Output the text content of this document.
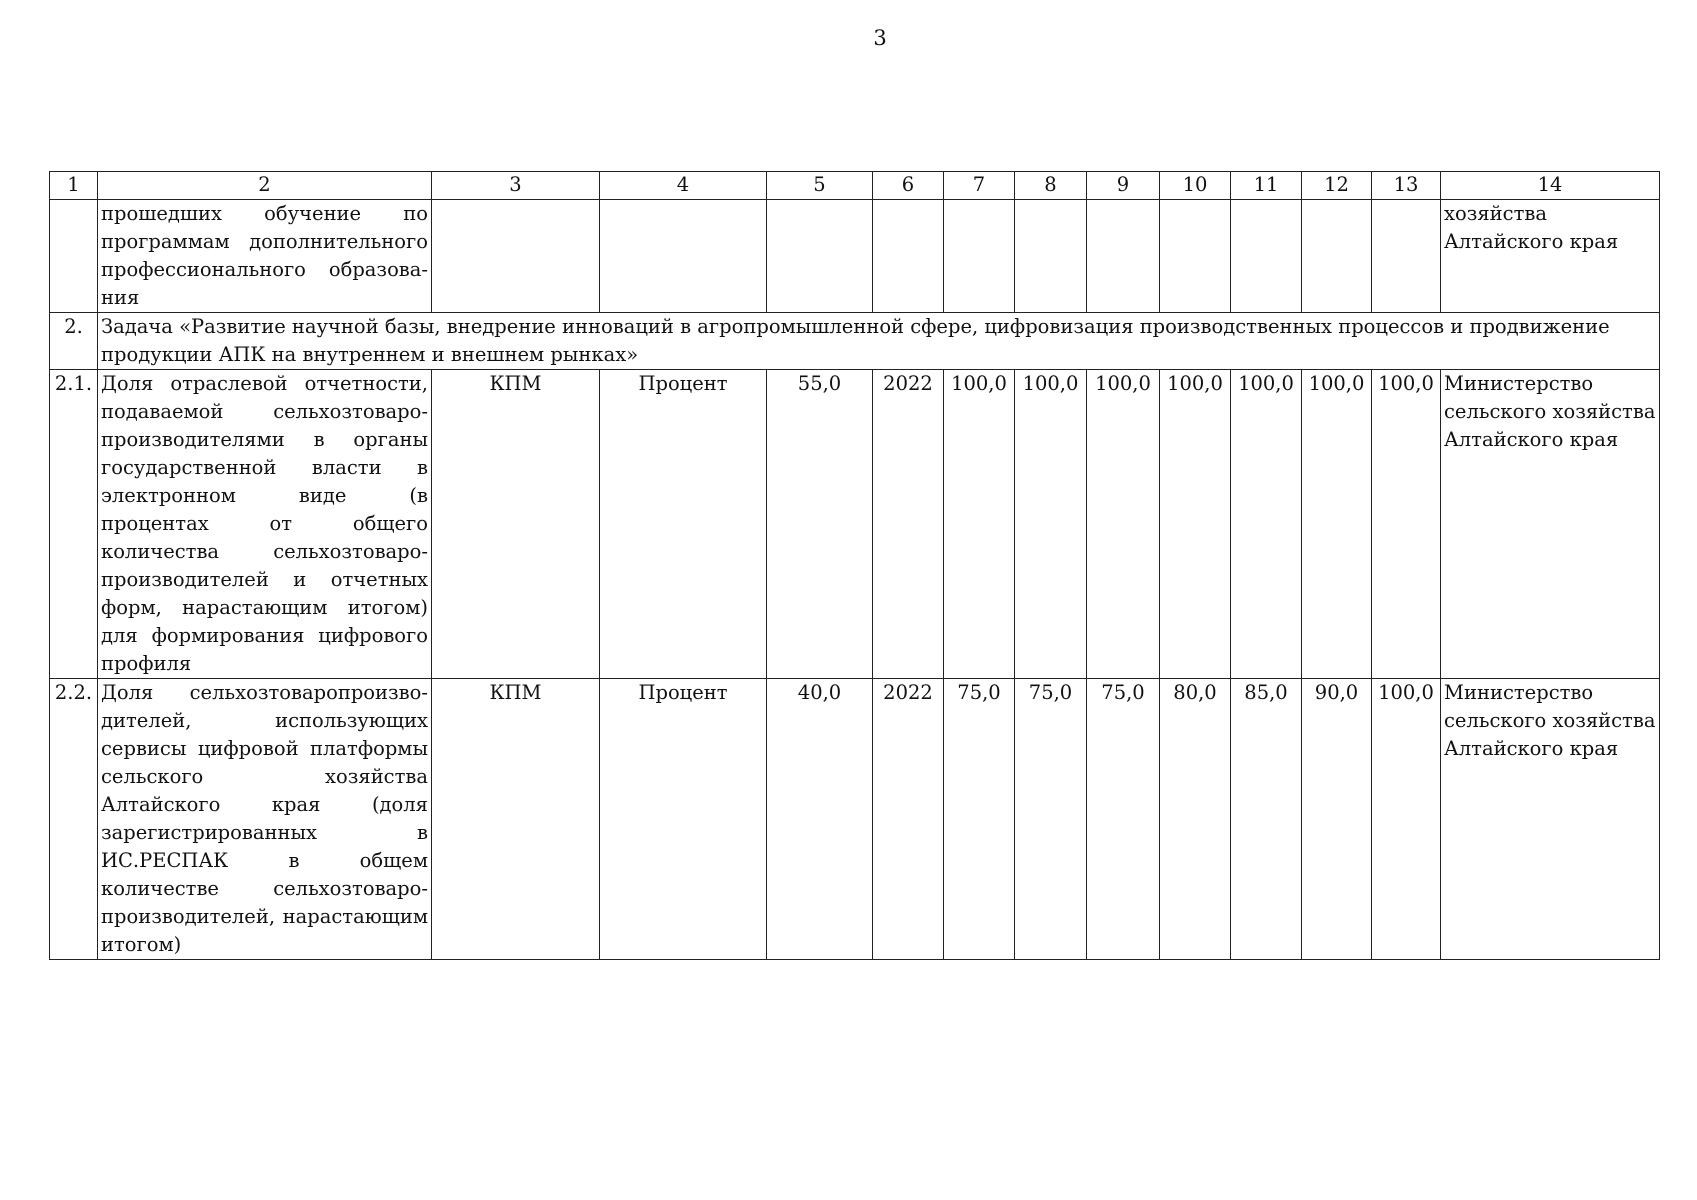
3
1	2	3	4	5	6	7	8	9	10	11	12	13	14
	прошедших обучение по программам дополнительного профессионального образова-ния												хозяйства Алтайского края
2.	Задача «Развитие научной базы, внедрение инноваций в агропромышленной сфере, цифровизация производственных процессов и продвижение продукции АПК на внутреннем и внешнем рынках»												
2.1.	Доля отраслевой отчетности, подаваемой сельхозтоваро-производителями в органы государственной власти в электронном виде (в процентах от общего количества сельхозтоваро-производителей и отчетных форм, нарастающим итогом) для формирования цифрового профиля	КПМ	Процент	55,0	2022	100,0	100,0	100,0	100,0	100,0	100,0	100,0	Министерство сельского хозяйства Алтайского края
2.2.	Доля сельхозтоваропроизво-дителей, использующих сервисы цифровой платформы сельского хозяйства Алтайского края (доля зарегистрированных в ИС.РЕСПАК в общем количестве сельхозтоваро-производителей, нарастающим итогом)	КПМ	Процент	40,0	2022	75,0	75,0	75,0	80,0	85,0	90,0	100,0	Министерство сельского хозяйства Алтайского края
